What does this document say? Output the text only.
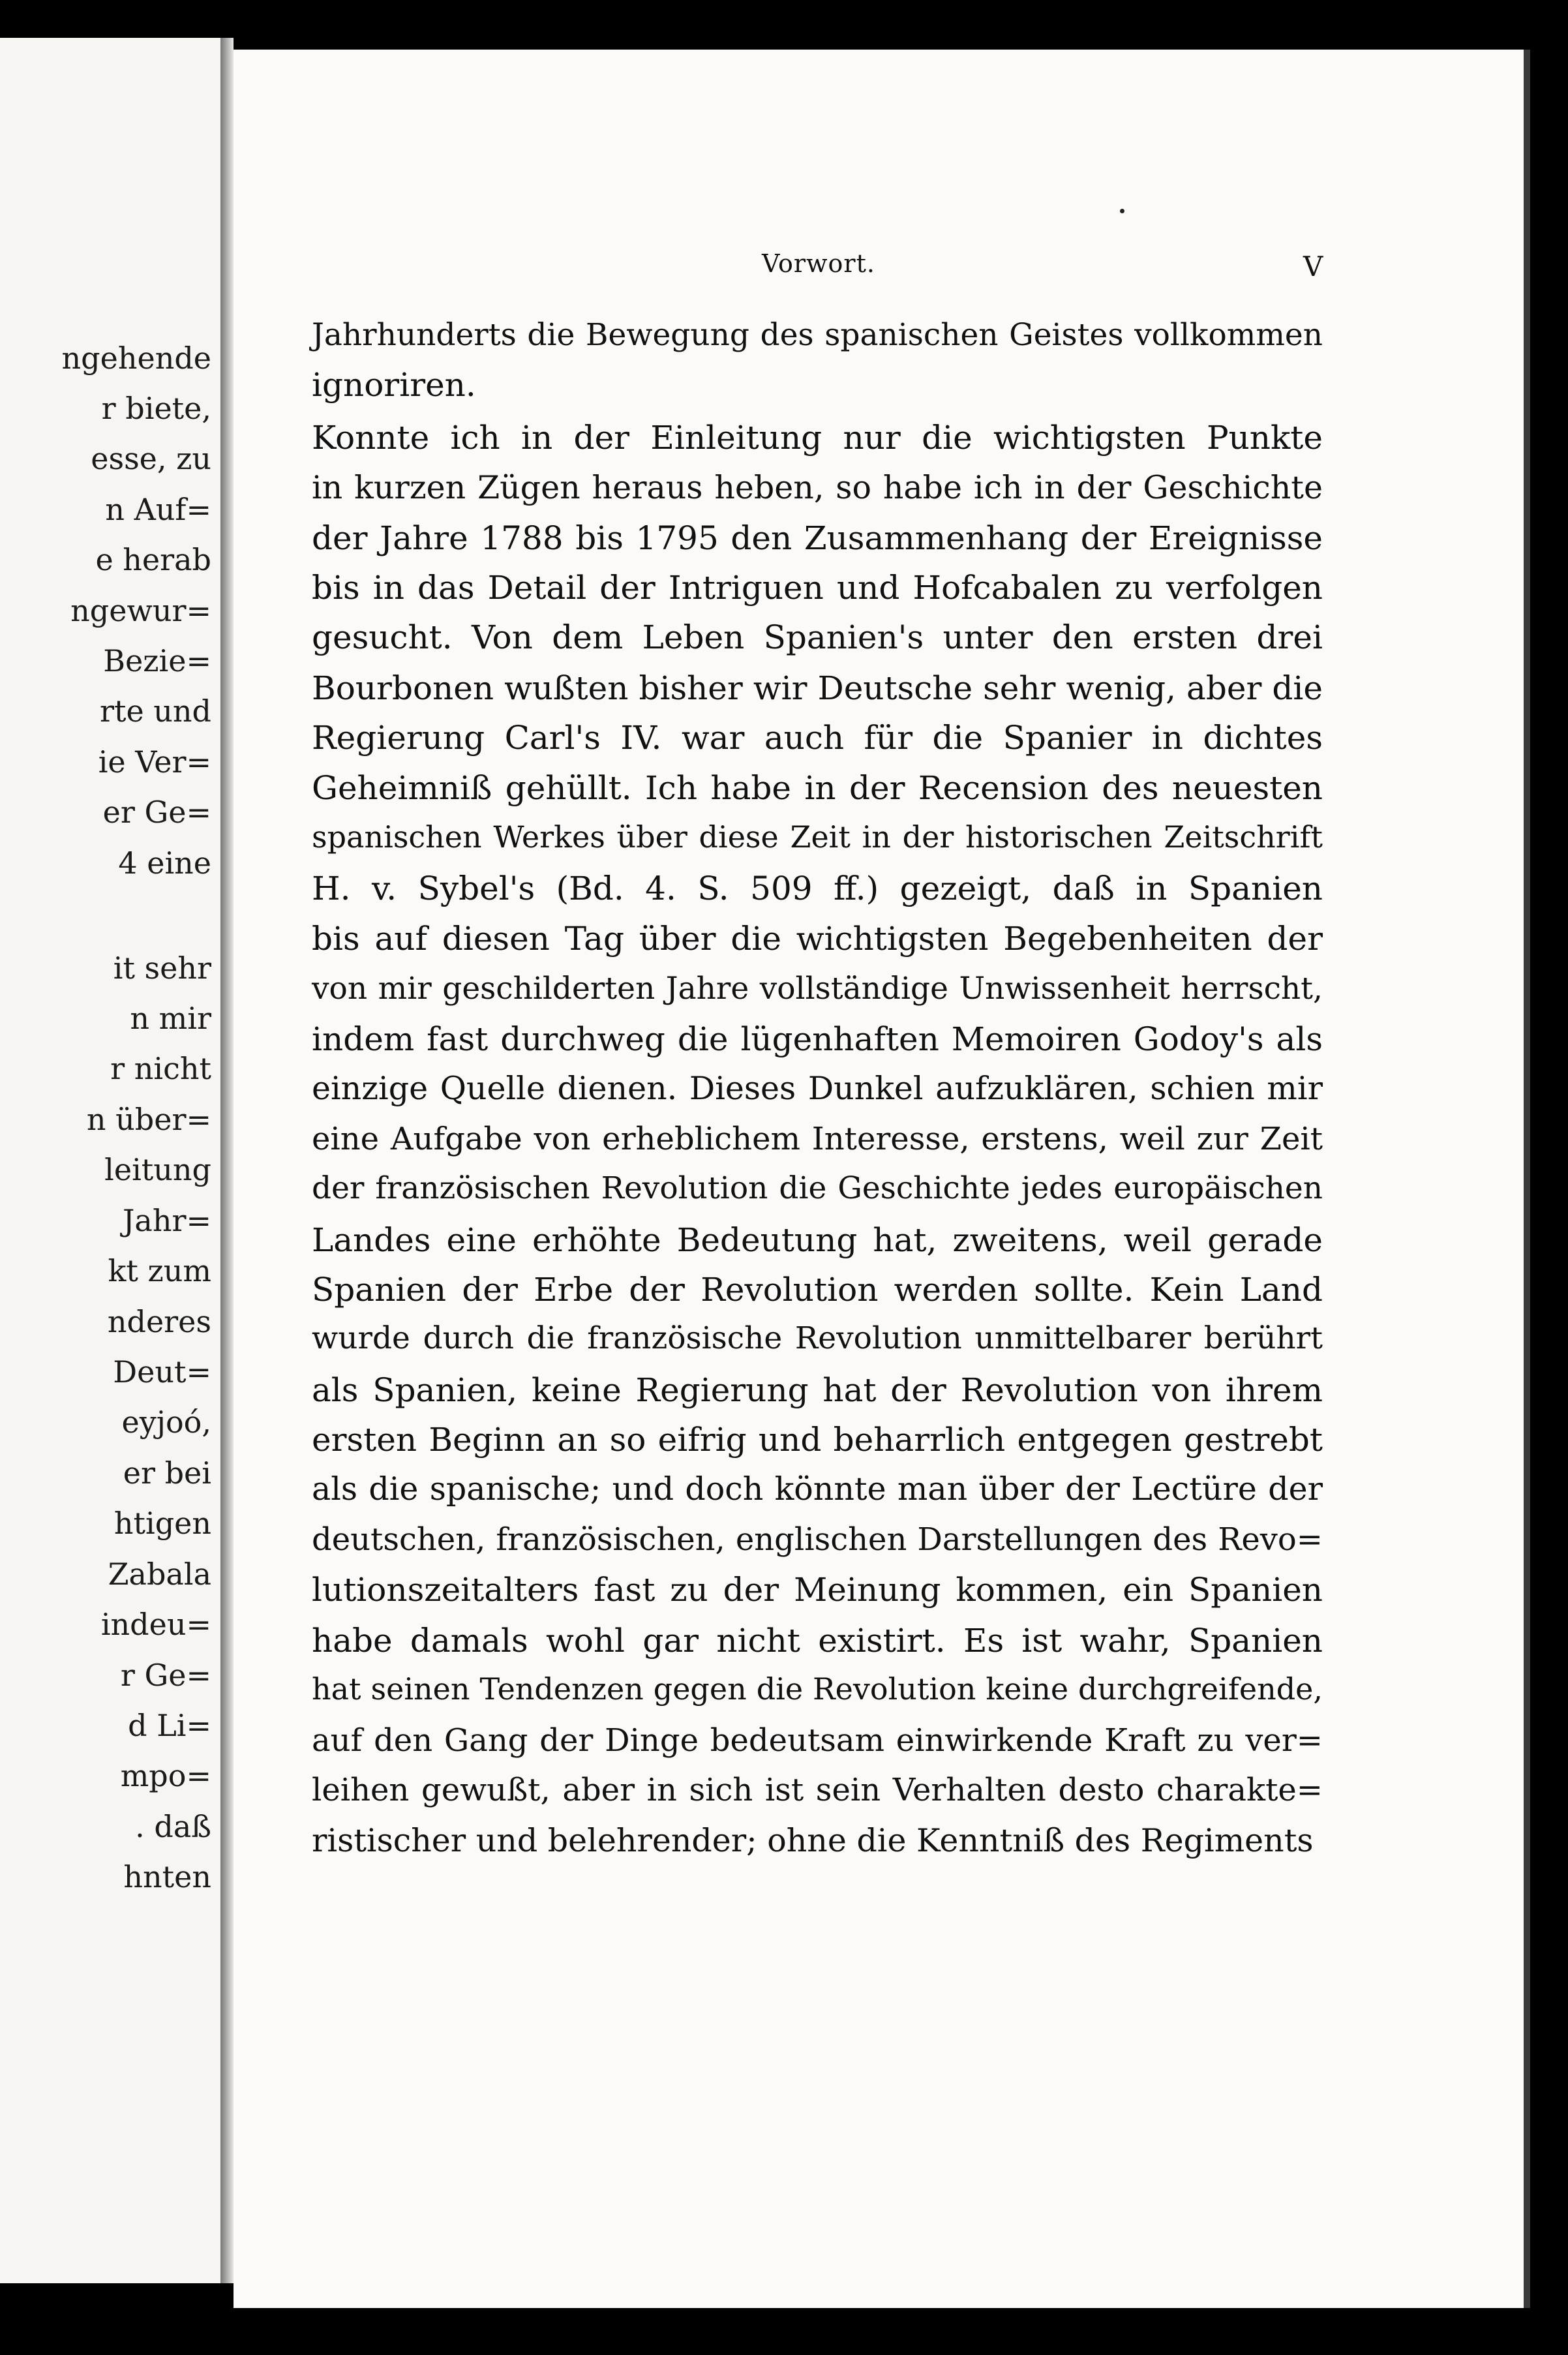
ngehende
r biete,
esse, zu
n Auf=
e herab
ngewur=
Bezie=
rte und
ie Ver=
er Ge=
4 eine
it sehr
n mir
r nicht
n über=
leitung
Jahr=
kt zum
nderes
Deut=
eyjoó,
er bei
htigen
Zabala
indeu=
r Ge=
d Li=
mpo=
. daß
hnten
Vorwort.	V
Jahrhunderts die Bewegung des spanischen Geistes vollkommen
ignoriren.
Konnte ich in der Einleitung nur die wichtigsten Punkte
in kurzen Zügen heraus heben, so habe ich in der Geschichte
der Jahre 1788 bis 1795 den Zusammenhang der Ereignisse
bis in das Detail der Intriguen und Hofcabalen zu verfolgen
gesucht. Von dem Leben Spanien's unter den ersten drei
Bourbonen wußten bisher wir Deutsche sehr wenig, aber die
Regierung Carl's IV. war auch für die Spanier in dichtes
Geheimniß gehüllt. Ich habe in der Recension des neuesten
spanischen Werkes über diese Zeit in der historischen Zeitschrift
H. v. Sybel's (Bd. 4. S. 509 ff.) gezeigt, daß in Spanien
bis auf diesen Tag über die wichtigsten Begebenheiten der
von mir geschilderten Jahre vollständige Unwissenheit herrscht,
indem fast durchweg die lügenhaften Memoiren Godoy's als
einzige Quelle dienen. Dieses Dunkel aufzuklären, schien mir
eine Aufgabe von erheblichem Interesse, erstens, weil zur Zeit
der französischen Revolution die Geschichte jedes europäischen
Landes eine erhöhte Bedeutung hat, zweitens, weil gerade
Spanien der Erbe der Revolution werden sollte. Kein Land
wurde durch die französische Revolution unmittelbarer berührt
als Spanien, keine Regierung hat der Revolution von ihrem
ersten Beginn an so eifrig und beharrlich entgegen gestrebt
als die spanische; und doch könnte man über der Lectüre der
deutschen, französischen, englischen Darstellungen des Revo=
lutionszeitalters fast zu der Meinung kommen, ein Spanien
habe damals wohl gar nicht existirt. Es ist wahr, Spanien
hat seinen Tendenzen gegen die Revolution keine durchgreifende,
auf den Gang der Dinge bedeutsam einwirkende Kraft zu ver=
leihen gewußt, aber in sich ist sein Verhalten desto charakte=
ristischer und belehrender; ohne die Kenntniß des Regiments
